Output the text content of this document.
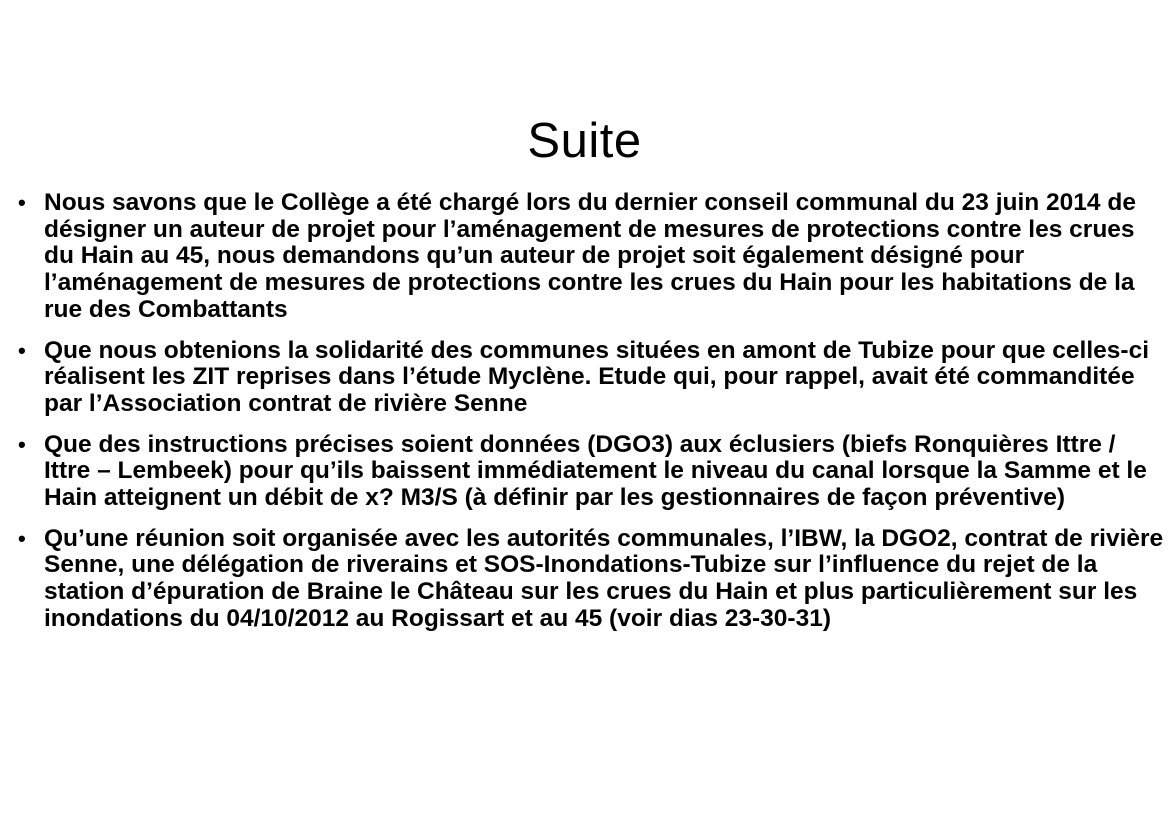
Suite
• Nous savons que le Collège a été chargé lors du dernier conseil communal du 23 juin 2014 de désigner un auteur de projet pour l’aménagement de mesures de protections contre les crues du Hain au 45, nous demandons qu’un auteur de projet soit également désigné pour l’aménagement de mesures de protections contre les crues du Hain pour les habitations de la rue des Combattants
• Que nous obtenions la solidarité des communes situées en amont de Tubize pour que celles-ci réalisent les ZIT reprises dans l’étude Myclène. Etude qui, pour rappel, avait été commanditée par l’Association contrat de rivière Senne
• Que des instructions précises soient données (DGO3) aux éclusiers (biefs Ronquières Ittre / Ittre – Lembeek) pour qu’ils baissent immédiatement le niveau du canal lorsque la Samme et le Hain atteignent un débit de x? M3/S (à définir par les gestionnaires de façon préventive)
• Qu’une réunion soit organisée avec les autorités communales, l’IBW, la DGO2, contrat de rivière Senne, une délégation de riverains et SOS-Inondations-Tubize sur l’influence du rejet de la station d’épuration de Braine le Château sur les crues du Hain et plus particulièrement sur les inondations du 04/10/2012 au Rogissart et au 45 (voir dias 23-30-31)
